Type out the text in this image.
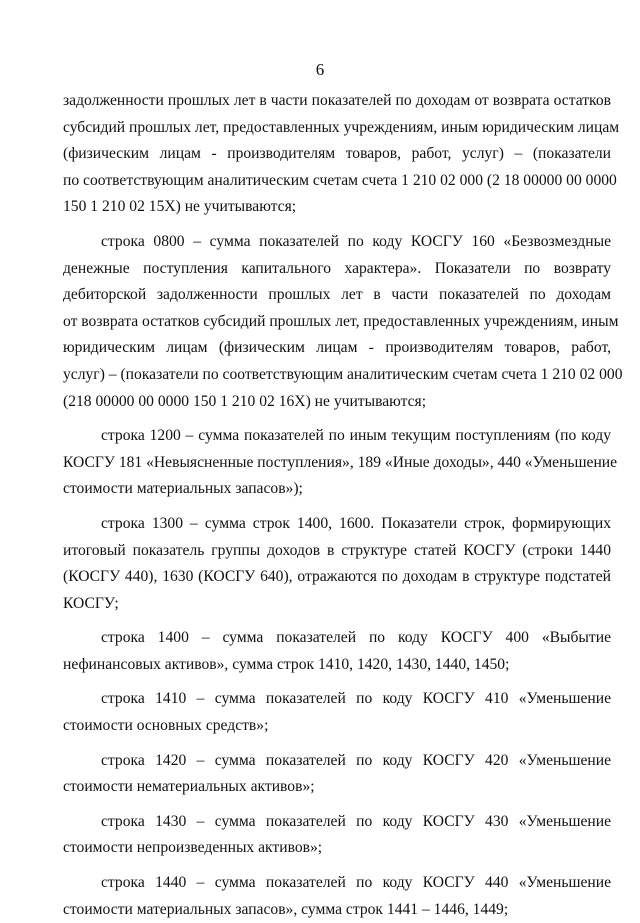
6
задолженности прошлых лет в части показателей по доходам от возврата остатков
субсидий прошлых лет, предоставленных учреждениям, иным юридическим лицам
(физическим лицам - производителям товаров, работ, услуг) – (показатели
по соответствующим аналитическим счетам счета 1 210 02 000 (2 18 00000 00 0000
150 1 210 02 15Х) не учитываются;
строка 0800 – сумма показателей по коду КОСГУ 160 «Безвозмездные
денежные поступления капитального характера». Показатели по возврату
дебиторской задолженности прошлых лет в части показателей по доходам
от возврата остатков субсидий прошлых лет, предоставленных учреждениям, иным
юридическим лицам (физическим лицам - производителям товаров, работ,
услуг) – (показатели по соответствующим аналитическим счетам счета 1 210 02 000
(218 00000 00 0000 150 1 210 02 16Х) не учитываются;
строка 1200 – сумма показателей по иным текущим поступлениям (по коду
КОСГУ 181 «Невыясненные поступления», 189 «Иные доходы», 440 «Уменьшение
стоимости материальных запасов»);
строка 1300 – сумма строк 1400, 1600. Показатели строк, формирующих
итоговый показатель группы доходов в структуре статей КОСГУ (строки 1440
(КОСГУ 440), 1630 (КОСГУ 640), отражаются по доходам в структуре подстатей
КОСГУ;
строка 1400 – сумма показателей по коду КОСГУ 400 «Выбытие
нефинансовых активов», сумма строк 1410, 1420, 1430, 1440, 1450;
строка 1410 – сумма показателей по коду КОСГУ 410 «Уменьшение
стоимости основных средств»;
строка 1420 – сумма показателей по коду КОСГУ 420 «Уменьшение
стоимости нематериальных активов»;
строка 1430 – сумма показателей по коду КОСГУ 430 «Уменьшение
стоимости непроизведенных активов»;
строка 1440 – сумма показателей по коду КОСГУ 440 «Уменьшение
стоимости материальных запасов», сумма строк 1441 – 1446, 1449;
